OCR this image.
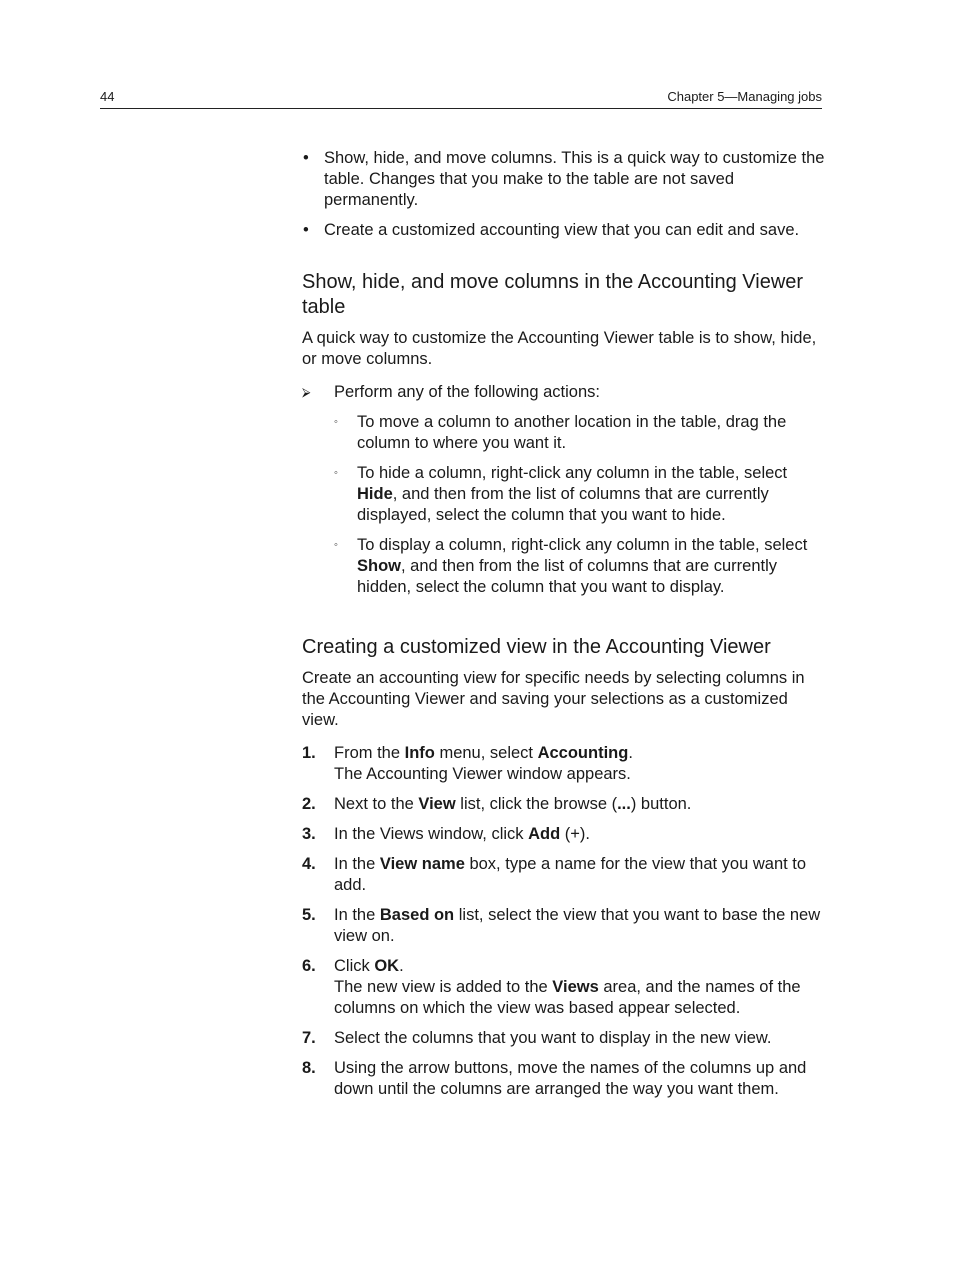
44	Chapter 5—Managing jobs
• Show, hide, and move columns. This is a quick way to customize the table. Changes that you make to the table are not saved permanently.
• Create a customized accounting view that you can edit and save.
Show, hide, and move columns in the Accounting Viewer table

A quick way to customize the Accounting Viewer table is to show, hide, or move columns.

⮚ Perform any of the following actions:
◦ To move a column to another location in the table, drag the column to where you want it.
◦ To hide a column, right-click any column in the table, select Hide, and then from the list of columns that are currently displayed, select the column that you want to hide.
◦ To display a column, right-click any column in the table, select Show, and then from the list of columns that are currently hidden, select the column that you want to display.
Creating a customized view in the Accounting Viewer

Create an accounting view for specific needs by selecting columns in the Accounting Viewer and saving your selections as a customized view.

1. From the Info menu, select Accounting.
The Accounting Viewer window appears.
2. Next to the View list, click the browse (...) button.
3. In the Views window, click Add (+).
4. In the View name box, type a name for the view that you want to add.
5. In the Based on list, select the view that you want to base the new view on.
6. Click OK.
The new view is added to the Views area, and the names of the columns on which the view was based appear selected.
7. Select the columns that you want to display in the new view.
8. Using the arrow buttons, move the names of the columns up and down until the columns are arranged the way you want them.
